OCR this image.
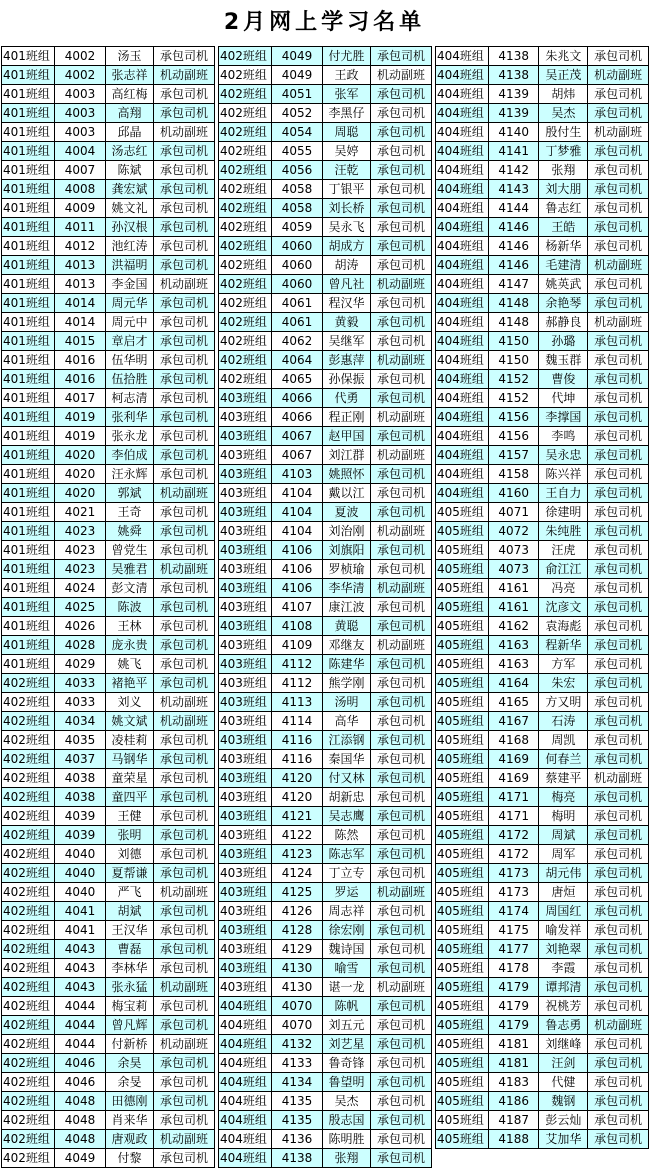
2月网上学习名单
401班组	4002	汤玉	承包司机
401班组	4002	张志祥	机动副班
401班组	4003	高红梅	承包司机
401班组	4003	高翔	承包司机
401班组	4003	邱晶	机动副班
401班组	4004	汤志红	承包司机
401班组	4007	陈斌	承包司机
401班组	4008	龚宏斌	承包司机
401班组	4009	姚文礼	承包司机
401班组	4011	孙汉根	承包司机
401班组	4012	池红涛	承包司机
401班组	4013	洪福明	承包司机
401班组	4013	李金国	机动副班
401班组	4014	周元华	承包司机
401班组	4014	周元中	承包司机
401班组	4015	章启才	承包司机
401班组	4016	伍华明	承包司机
401班组	4016	伍拾胜	承包司机
401班组	4017	柯志清	承包司机
401班组	4019	张利华	承包司机
401班组	4019	张永龙	承包司机
401班组	4020	李伯成	承包司机
401班组	4020	汪永辉	承包司机
401班组	4020	郭斌	机动副班
401班组	4021	王奇	承包司机
401班组	4023	姚舜	承包司机
401班组	4023	曾党生	承包司机
401班组	4023	吴雅君	机动副班
401班组	4024	彭文清	承包司机
401班组	4025	陈波	承包司机
401班组	4026	王林	承包司机
401班组	4028	庞永贵	承包司机
401班组	4029	姚飞	承包司机
402班组	4033	褚艳平	承包司机
402班组	4033	刘义	机动副班
402班组	4034	姚文斌	机动副班
402班组	4035	凌桂莉	承包司机
402班组	4037	马钢华	承包司机
402班组	4038	童荣星	承包司机
402班组	4038	童四平	承包司机
402班组	4039	王健	承包司机
402班组	4039	张明	承包司机
402班组	4040	刘德	承包司机
402班组	4040	夏帮谦	承包司机
402班组	4040	严飞	机动副班
402班组	4041	胡斌	承包司机
402班组	4041	王汉华	承包司机
402班组	4043	曹磊	承包司机
402班组	4043	李林华	承包司机
402班组	4043	张永猛	机动副班
402班组	4044	梅宝莉	承包司机
402班组	4044	曾凡辉	承包司机
402班组	4044	付新桥	机动副班
402班组	4046	余昊	承包司机
402班组	4046	余旻	承包司机
402班组	4048	田德刚	承包司机
402班组	4048	肖来华	承包司机
402班组	4048	唐观政	机动副班
402班组	4049	付黎	承包司机
402班组	4049	付尤胜	承包司机
402班组	4049	王政	机动副班
402班组	4051	张军	承包司机
402班组	4052	李黑仔	承包司机
402班组	4054	周聪	承包司机
402班组	4055	吴婷	承包司机
402班组	4056	汪乾	承包司机
402班组	4058	丁银平	承包司机
402班组	4058	刘长桥	承包司机
402班组	4059	吴永飞	承包司机
402班组	4060	胡成方	承包司机
402班组	4060	胡涛	承包司机
402班组	4060	曾凡社	机动副班
402班组	4061	程汉华	承包司机
402班组	4061	黄毅	承包司机
402班组	4062	吴继军	承包司机
402班组	4064	彭惠萍	机动副班
402班组	4065	孙保振	承包司机
403班组	4066	代勇	承包司机
403班组	4066	程正刚	机动副班
403班组	4067	赵甲国	承包司机
403班组	4067	刘江群	机动副班
403班组	4103	姚照怀	承包司机
403班组	4104	戴以江	承包司机
403班组	4104	夏波	承包司机
403班组	4104	刘治刚	机动副班
403班组	4106	刘旗阳	承包司机
403班组	4106	罗桢瑜	承包司机
403班组	4106	李华清	机动副班
403班组	4107	康江波	承包司机
403班组	4108	黄聪	承包司机
403班组	4109	邓继友	机动副班
403班组	4112	陈建华	承包司机
403班组	4112	熊学刚	承包司机
403班组	4113	汤明	承包司机
403班组	4114	高华	承包司机
403班组	4116	江添钢	承包司机
403班组	4116	秦国华	承包司机
403班组	4120	付又林	承包司机
403班组	4120	胡新忠	承包司机
403班组	4121	吴志鹰	承包司机
403班组	4122	陈然	承包司机
403班组	4123	陈志军	承包司机
403班组	4124	丁立专	承包司机
403班组	4125	罗运	机动副班
403班组	4126	周志祥	承包司机
403班组	4128	徐宏刚	承包司机
403班组	4129	魏诗国	承包司机
403班组	4130	喻雪	承包司机
403班组	4130	谌一龙	机动副班
404班组	4070	陈帆	承包司机
404班组	4070	刘五元	承包司机
404班组	4132	刘艺星	承包司机
404班组	4133	鲁奇锋	承包司机
404班组	4134	鲁望明	承包司机
404班组	4135	吴杰	承包司机
404班组	4135	殷志国	承包司机
404班组	4136	陈明胜	承包司机
404班组	4138	张翔	承包司机
404班组	4138	朱兆文	承包司机
404班组	4138	吴正茂	机动副班
404班组	4139	胡炜	承包司机
404班组	4139	吴杰	承包司机
404班组	4140	殷付生	机动副班
404班组	4141	丁梦雅	承包司机
404班组	4142	张翔	承包司机
404班组	4143	刘大朋	承包司机
404班组	4144	鲁志红	承包司机
404班组	4146	王皓	承包司机
404班组	4146	杨新华	承包司机
404班组	4146	毛建清	机动副班
404班组	4147	姚英武	承包司机
404班组	4148	余艳琴	承包司机
404班组	4148	郝静良	机动副班
404班组	4150	孙璐	承包司机
404班组	4150	魏玉群	承包司机
404班组	4152	曹俊	承包司机
404班组	4152	代坤	承包司机
404班组	4156	李撑国	承包司机
404班组	4156	李鸣	承包司机
404班组	4157	吴永忠	承包司机
404班组	4158	陈兴祥	承包司机
404班组	4160	王自力	承包司机
405班组	4071	徐建明	承包司机
405班组	4072	朱纯胜	承包司机
405班组	4073	汪虎	承包司机
405班组	4073	俞江江	承包司机
405班组	4161	冯亮	承包司机
405班组	4161	沈彦文	承包司机
405班组	4162	袁海彪	承包司机
405班组	4163	程新华	承包司机
405班组	4163	方军	承包司机
405班组	4164	朱宏	承包司机
405班组	4165	方又明	承包司机
405班组	4167	石涛	承包司机
405班组	4168	周凯	承包司机
405班组	4169	何春兰	承包司机
405班组	4169	蔡建平	机动副班
405班组	4171	梅亮	承包司机
405班组	4171	梅明	承包司机
405班组	4172	周斌	承包司机
405班组	4172	周军	承包司机
405班组	4173	胡元伟	承包司机
405班组	4173	唐烜	承包司机
405班组	4174	周国红	承包司机
405班组	4175	喻发祥	承包司机
405班组	4177	刘艳翠	承包司机
405班组	4178	李霞	承包司机
405班组	4179	谭邦清	承包司机
405班组	4179	祝桃芳	承包司机
405班组	4179	鲁志勇	机动副班
405班组	4181	刘继峰	承包司机
405班组	4181	汪剑	承包司机
405班组	4183	代健	承包司机
405班组	4186	魏钢	承包司机
405班组	4187	彭云灿	承包司机
405班组	4188	艾加华	承包司机
